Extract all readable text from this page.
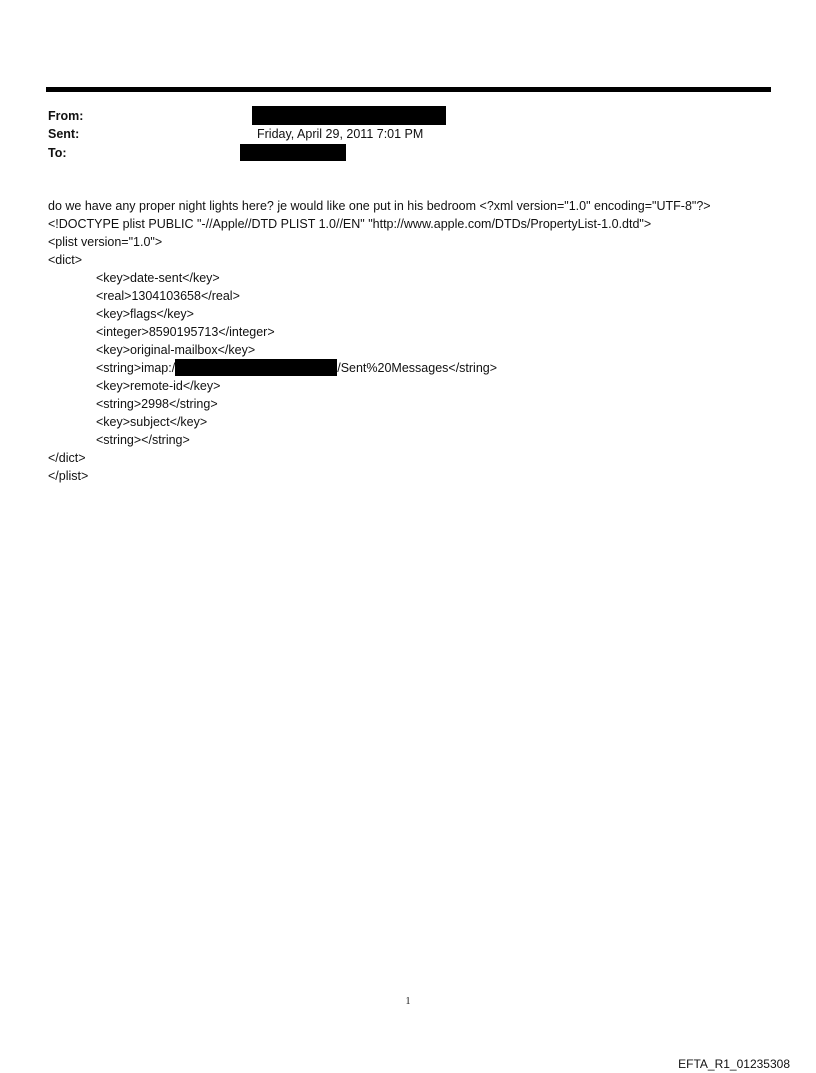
From:
Sent:	Friday, April 29, 2011 7:01 PM
To:
do we have any proper night lights here? je would like one put in his bedroom <?xml version="1.0" encoding="UTF-8"?>
<!DOCTYPE plist PUBLIC "-//Apple//DTD PLIST 1.0//EN" "http://www.apple.com/DTDs/PropertyList-1.0.dtd">
<plist version="1.0">
<dict>
<key>date-sent</key>
<real>1304103658</real>
<key>flags</key>
<integer>8590195713</integer>
<key>original-mailbox</key>
<string>imap:/	/Sent%20Messages</string>
<key>remote-id</key>
<string>2998</string>
<key>subject</key>
<string></string>
</dict>
</plist>
1
EFTA_R1_01235308
